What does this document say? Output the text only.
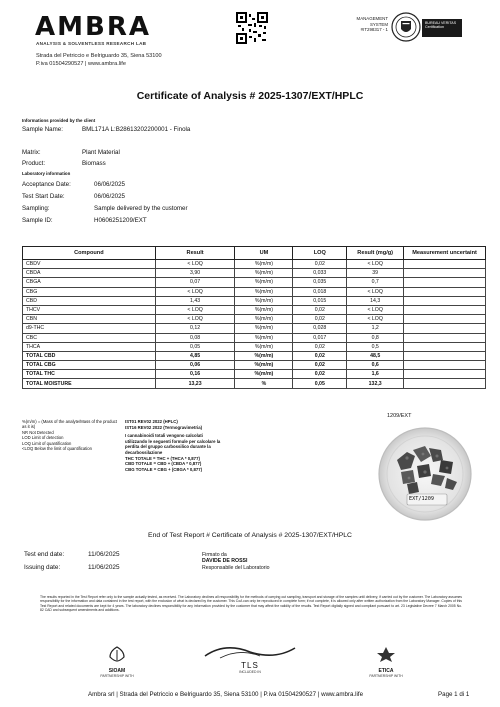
AMBRA
ANALYSIS & SOLVENTLESS RESEARCH LAB
Strada del Petriccio e Belriguardo 35, Siena 53100
P.iva 01504290527 | www.ambra.life
MANAGEMENT SYSTEM
#IT298317 - 1
BUREAU VERITAS Certification
Certificate of Analysis # 2025-1307/EXT/HPLC
Informations provided by the client
Sample Name:	BML171A L:B28613202200001 - Finola
Matrix:	Plant Material
Product:	Biomass
Laboratory information
Acceptance Date:	06/06/2025
Test Start Date:	06/06/2025
Sampling:	Sample delivered by the customer
Sample ID:	H0606251209/EXT
Compound	Result	UM	LOQ	Result (mg/g)	Measurement uncertaint
CBDV	< LOQ	%(m/m)	0,02	< LOQ	
CBDA	3,90	%(m/m)	0,033	39	
CBGA	0,07	%(m/m)	0,035	0,7	
CBG	< LOQ	%(m/m)	0,018	< LOQ	
CBD	1,43	%(m/m)	0,015	14,3	
THCV	< LOQ	%(m/m)	0,02	< LOQ	
CBN	< LOQ	%(m/m)	0,02	< LOQ	
d9-THC	0,12	%(m/m)	0,028	1,2	
CBC	0,08	%(m/m)	0,017	0,8	
THCA	0,05	%(m/m)	0,02	0,5	
TOTAL CBD	4,85	%(m/m)	0,02	48,5	
TOTAL CBG	0,06	%(m/m)	0,02	0,6	
TOTAL THC	0,16	%(m/m)	0,02	1,6	
TOTAL MOISTURE	13,23	%	0,05	132,3	
%(m/m) = (Mass of the analyte/Mass of the product as it is)
NR Not Detected
LOD Limit of detection
LOQ Limit of quantification
<LOQ Below the limit of quantification
IST01 REV02 2022 (HPLC)
IST16 REV02 2022 (Termogravimetria)
I cannabinoidi totali vengono calcolati utilizzando le seguenti formule per calcolare la perdita del gruppo carbossilico durante la decarbossilazione
THC TOTALE = THC + (THCA * 0,877)
CBD TOTALE = CBD + (CBDA * 0,877)
CBG TOTALE = CBG + (CBGA * 0,877)
1209/EXT
EXT/1209
End of Test Report # Certificate of Analysis # 2025-1307/EXT/HPLC
Test end date:	11/06/2025
Issuing date:	11/06/2025
Firmato da
DAVIDE DE ROSSI
Responsabile del Laboratorio
The results reported in the Test Report refer only to the sample actually tested, as received. The Laboratory declines all responsibility for the methods of carrying out sampling, transport and storage of the samples until delivery, if carried out by the customer. The Laboratory assumes responsibility for the information and data contained in the test report, with the exclusion of what is declared by the customer. This CoA can only be reproduced in complete form; if not complete, it is allowed only after written authorization from the Laboratory Manager. Copies of this Test Report and related documents are kept for 4 years. The laboratory declines responsibility for any information provided by the customer that may affect the validity of the results. Test Report digitally signed and compliant pursuant to art. 23 Legislative Decree 7 March 2005 No. 82 CAD and subsequent amendments and additions.
SIOAM
PARTNERSHIP WITH
TLS
INCLUDED IN	ETICA
PARTNERSHIP WITH
Ambra srl | Strada del Petriccio e Belriguardo 35, Siena 53100 | P.iva 01504290527 | www.ambra.life	Page 1 di 1
